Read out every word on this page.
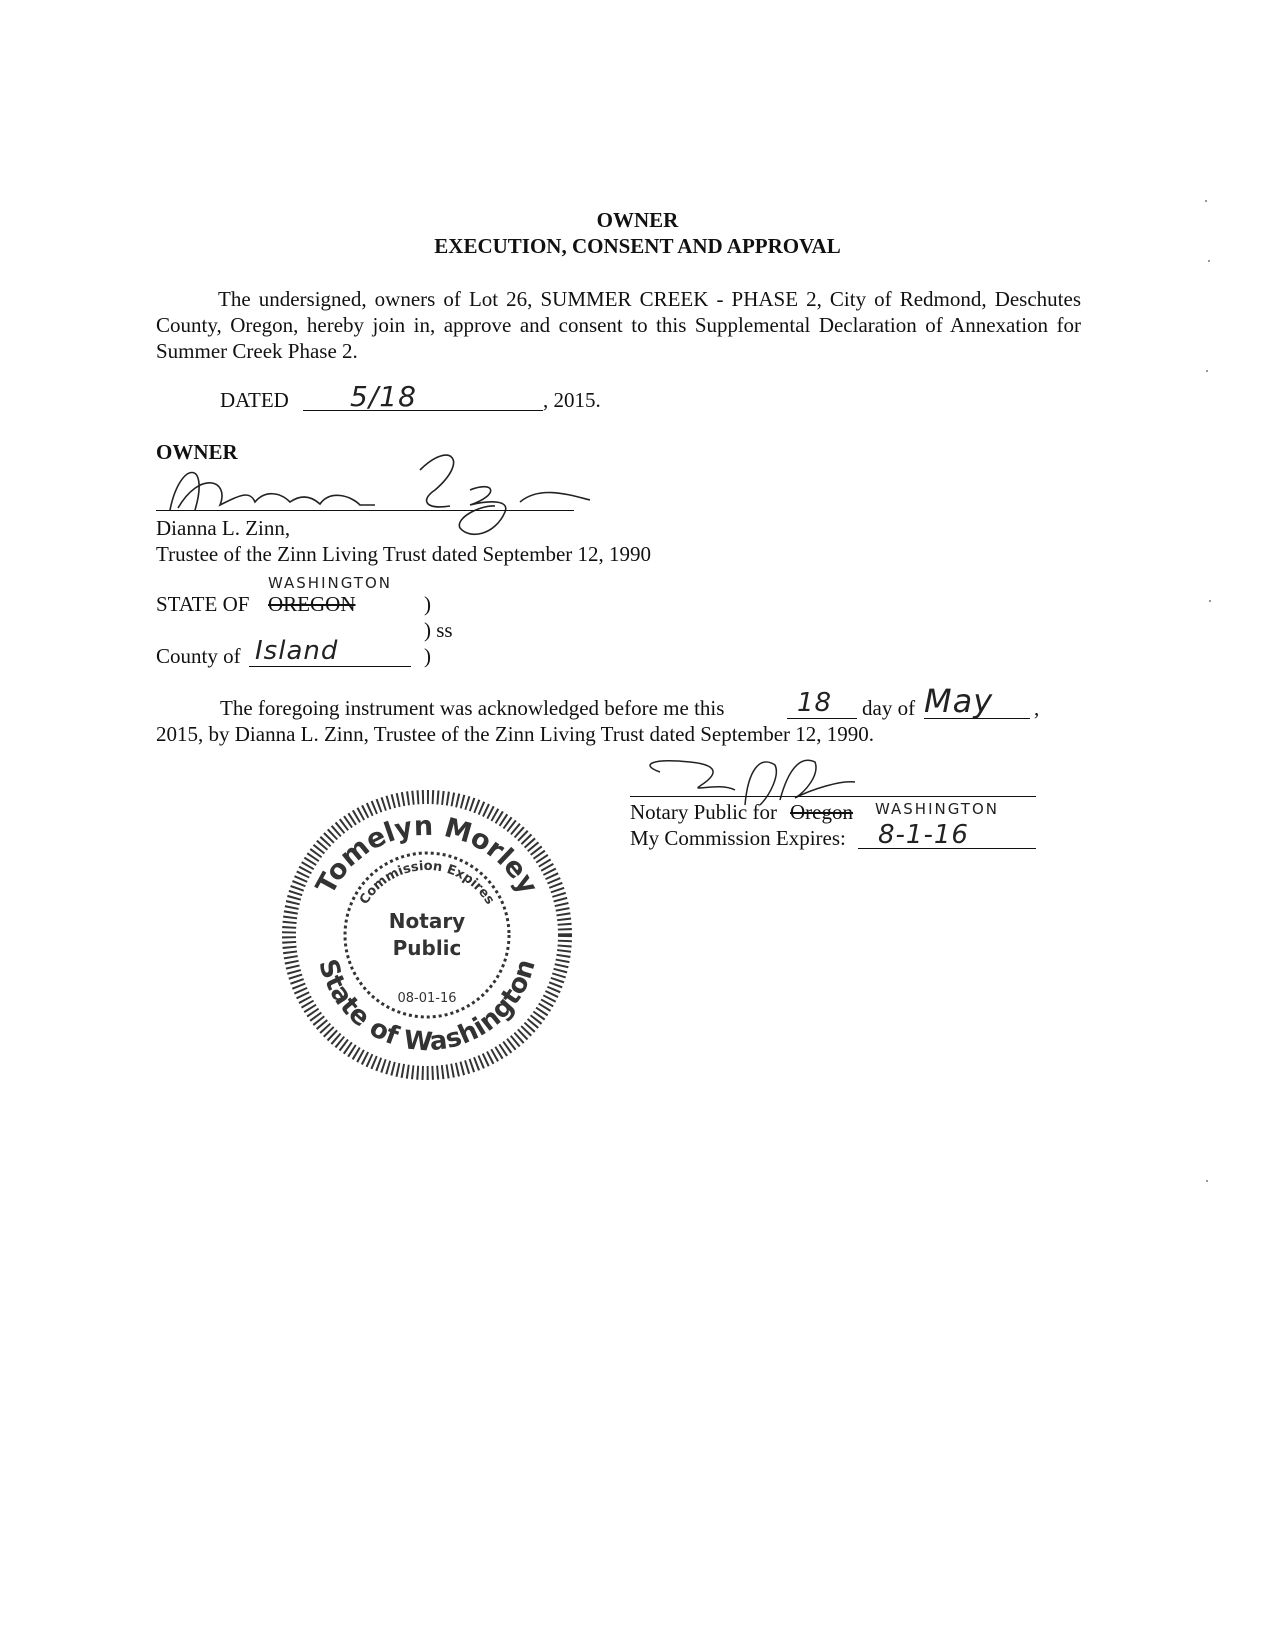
OWNER
EXECUTION, CONSENT AND APPROVAL
The undersigned, owners of Lot 26, SUMMER CREEK - PHASE 2, City of Redmond, Deschutes County, Oregon, hereby join in, approve and consent to this Supplemental Declaration of Annexation for Summer Creek Phase 2.
DATED 5/18	, 2015.
OWNER
Dianna L. Zinn,
Trustee of the Zinn Living Trust dated September 12, 1990
WASHINGTON
STATE OF OREGON	)
) ss
County of Island	)
The foregoing instrument was acknowledged before me this	18 day of May ,
2015, by Dianna L. Zinn, Trustee of the Zinn Living Trust dated September 12, 1990.
Notary Public for Oregon WASHINGTON
My Commission Expires: 8-1-16
Tomelyn Morley
Commission Expires
Notary
Public
08-01-16
State of Washington
